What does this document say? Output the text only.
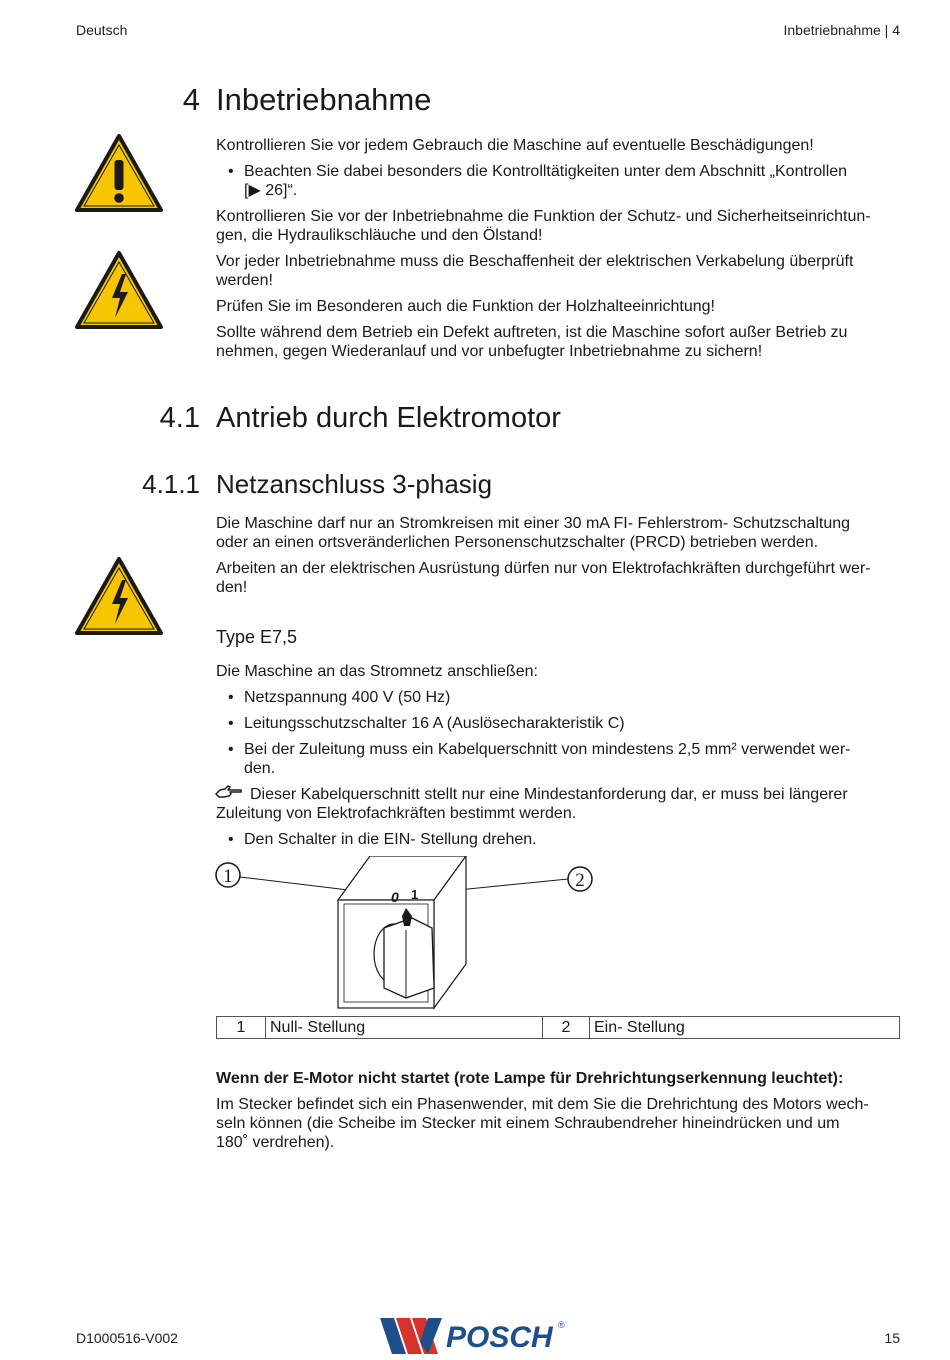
Deutsch	Inbetriebnahme | 4
4 Inbetriebnahme
Kontrollieren Sie vor jedem Gebrauch die Maschine auf eventuelle Beschädigungen!
• Beachten Sie dabei besonders die Kontrolltätigkeiten unter dem Abschnitt „Kontrollen
[▶ 26]“.
Kontrollieren Sie vor der Inbetriebnahme die Funktion der Schutz- und Sicherheitseinrichtun-
gen, die Hydraulikschläuche und den Ölstand!
Vor jeder Inbetriebnahme muss die Beschaffenheit der elektrischen Verkabelung überprüft
werden!
Prüfen Sie im Besonderen auch die Funktion der Holzhalteeinrichtung!
Sollte während dem Betrieb ein Defekt auftreten, ist die Maschine sofort außer Betrieb zu
nehmen, gegen Wiederanlauf und vor unbefugter Inbetriebnahme zu sichern!
4.1 Antrieb durch Elektromotor
4.1.1 Netzanschluss 3-phasig
Die Maschine darf nur an Stromkreisen mit einer 30 mA FI- Fehlerstrom- Schutzschaltung
oder an einen ortsveränderlichen Personenschutzschalter (PRCD) betrieben werden.
Arbeiten an der elektrischen Ausrüstung dürfen nur von Elektrofachkräften durchgeführt wer-
den!
Type E7,5
Die Maschine an das Stromnetz anschließen:
• Netzspannung 400 V (50 Hz)
• Leitungsschutzschalter 16 A (Auslösecharakteristik C)
• Bei der Zuleitung muss ein Kabelquerschnitt von mindestens 2,5 mm² verwendet wer-
den.
Dieser Kabelquerschnitt stellt nur eine Mindestanforderung dar, er muss bei längerer
Zuleitung von Elektrofachkräften bestimmt werden.
• Den Schalter in die EIN- Stellung drehen.
1	2
0 1
1	Null- Stellung	2	Ein- Stellung
Wenn der E-Motor nicht startet (rote Lampe für Drehrichtungserkennung leuchtet):
Im Stecker befindet sich ein Phasenwender, mit dem Sie die Drehrichtung des Motors wech-
seln können (die Scheibe im Stecker mit einem Schraubendreher hineindrücken und um
180˚ verdrehen).
D1000516-V002	15
POSCH ®
